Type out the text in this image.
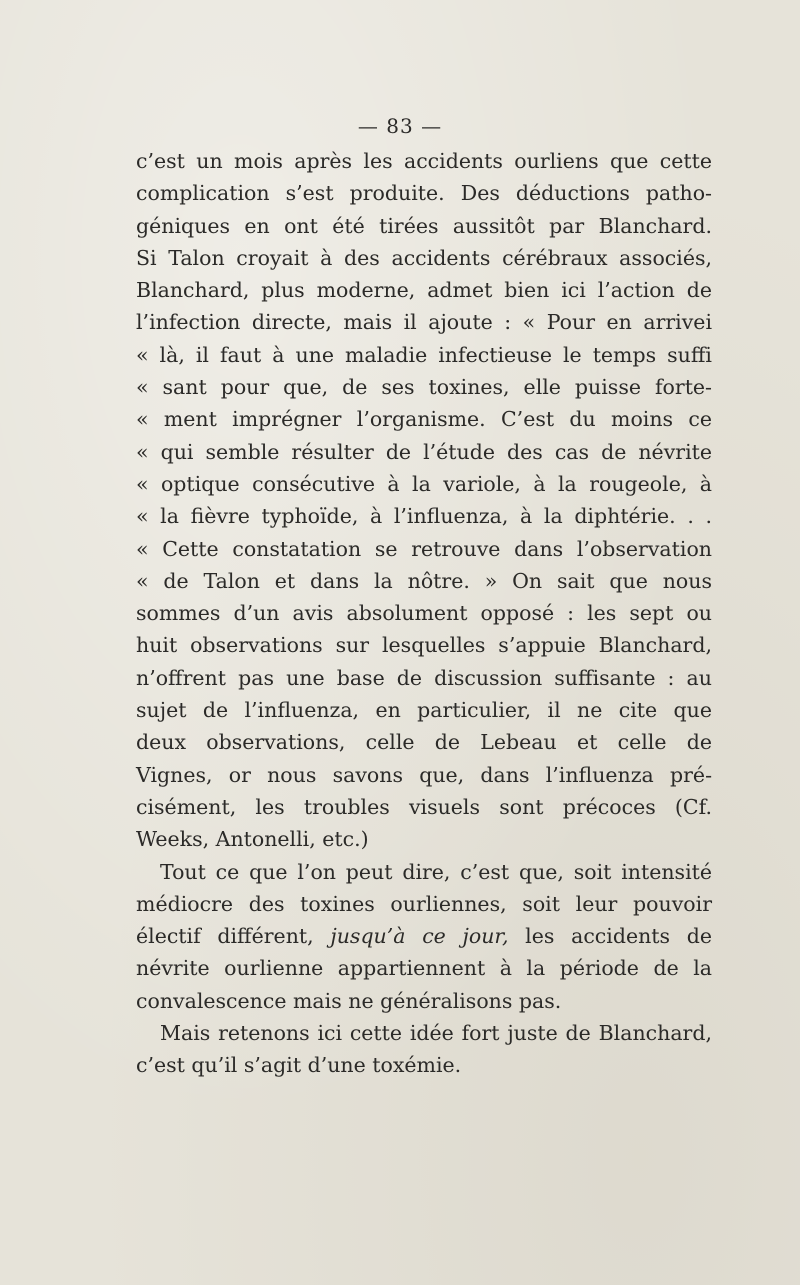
— 83 —
c’est un mois après les accidents ourliens que cette
complication s’est produite. Des déductions patho-
géniques en ont été tirées aussitôt par Blanchard.
Si Talon croyait à des accidents cérébraux associés,
Blanchard, plus moderne, admet bien ici l’action de
l’infection directe, mais il ajoute : « Pour en arrivei
« là, il faut à une maladie infectieuse le temps suffi
« sant pour que, de ses toxines, elle puisse forte-
« ment imprégner l’organisme. C’est du moins ce
« qui semble résulter de l’étude des cas de névrite
« optique consécutive à la variole, à la rougeole, à
« la fièvre typhoïde, à l’influenza, à la diphtérie. . .
« Cette constatation se retrouve dans l’observation
« de Talon et dans la nôtre. » On sait que nous
sommes d’un avis absolument opposé : les sept ou
huit observations sur lesquelles s’appuie Blanchard,
n’offrent pas une base de discussion suffisante : au
sujet de l’influenza, en particulier, il ne cite que
deux observations, celle de Lebeau et celle de
Vignes, or nous savons que, dans l’influenza pré-
cisément, les troubles visuels sont précoces (Cf.
Weeks, Antonelli, etc.)
Tout ce que l’on peut dire, c’est que, soit intensité
médiocre des toxines ourliennes, soit leur pouvoir
électif différent, jusqu’à ce jour, les accidents de
névrite ourlienne appartiennent à la période de la
convalescence mais ne généralisons pas.
Mais retenons ici cette idée fort juste de Blanchard,
c’est qu’il s’agit d’une toxémie.
